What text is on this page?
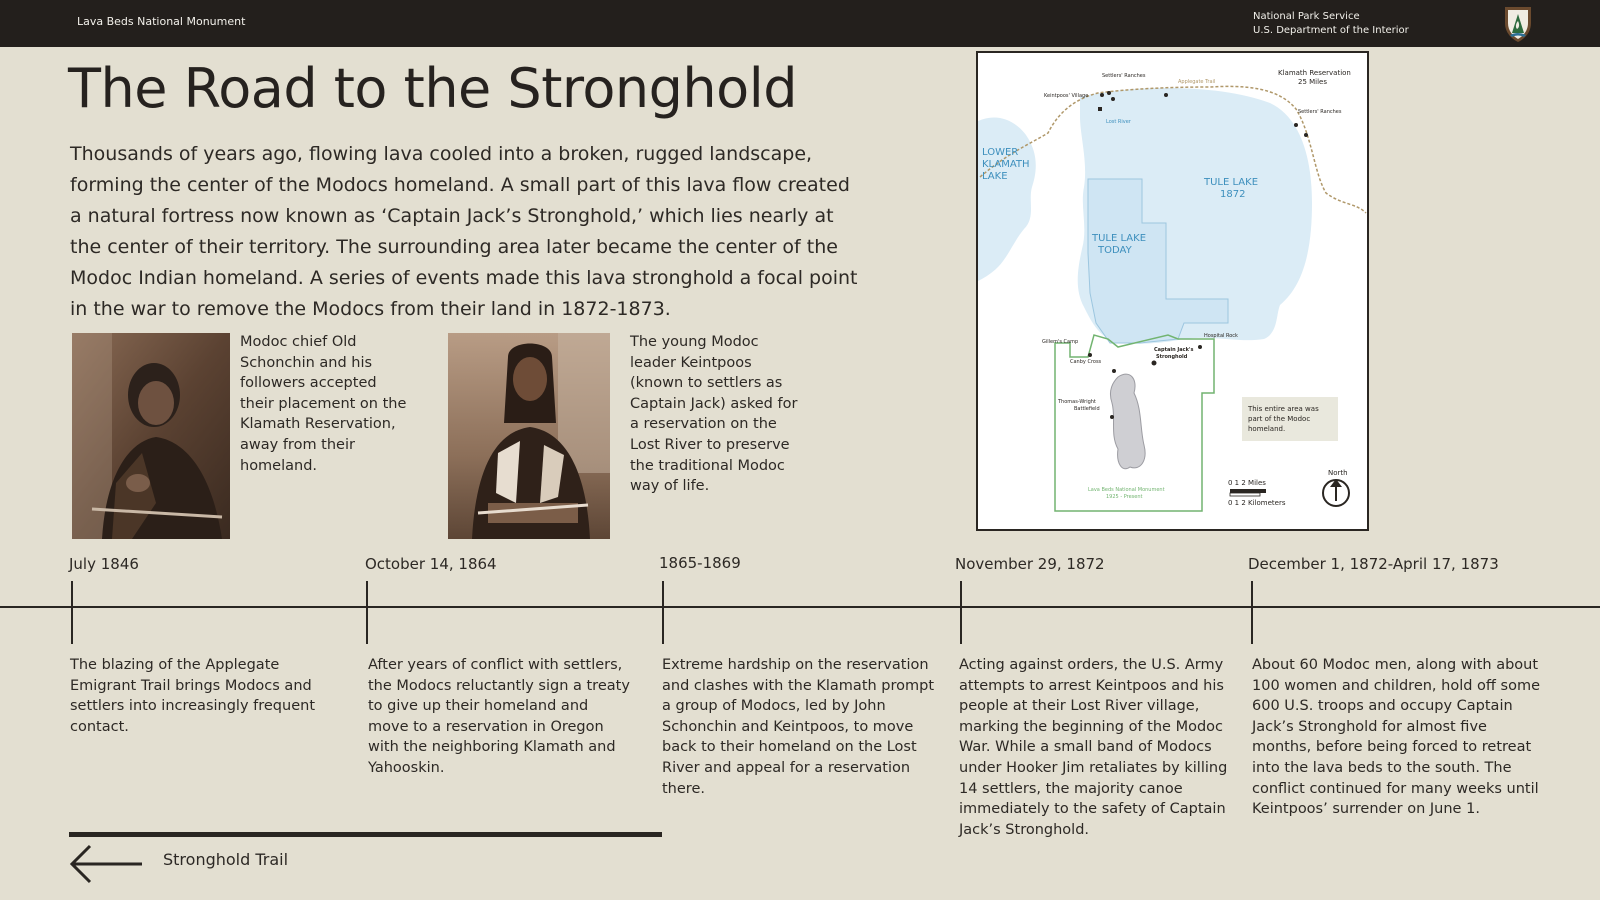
Lava Beds National Monument	National Park Service
U.S. Department of the Interior
The Road to the Stronghold

Thousands of years ago, flowing lava cooled into a broken, rugged landscape, forming the center of the Modocs homeland. A small part of this lava flow created a natural fortress now known as ‘Captain Jack’s Stronghold,’ which lies nearly at the center of their territory. The surrounding area later became the center of the Modoc Indian homeland. A series of events made this lava stronghold a focal point in the war to remove the Modocs from their land in 1872-1873.

Modoc chief Old Schonchin and his followers accepted their placement on the Klamath Reservation, away from their homeland.
The young Modoc leader Keintpoos (known to settlers as Captain Jack) asked for a reservation on the Lost River to preserve the traditional Modoc way of life.
LOWER KLAMATH LAKE
TULE LAKE 1872
TULE LAKE TODAY
Lost River
Settlers' Ranches
Applegate Trail
Keintpoos' Village
Klamath Reservation 25 Miles
Settlers' Ranches
Hospital Rock
Gillem's Camp
Canby Cross
Captain Jack's Stronghold
Thomas-Wright Battlefield
Lava Beds National Monument 1925 - Present
This entire area was part of the Modoc homeland.
0 1 2 Miles
0 1 2 Kilometers
North
July 1846	October 14, 1864	1865-1869	November 29, 1872	December 1, 1872-April 17, 1873
The blazing of the Applegate Emigrant Trail brings Modocs and settlers into increasingly frequent contact.
After years of conflict with settlers, the Modocs reluctantly sign a treaty to give up their homeland and move to a reservation in Oregon with the neighboring Klamath and Yahooskin.
Extreme hardship on the reservation and clashes with the Klamath prompt a group of Modocs, led by John Schonchin and Keintpoos, to move back to their homeland on the Lost River and appeal for a reservation there.
Acting against orders, the U.S. Army attempts to arrest Keintpoos and his people at their Lost River village, marking the beginning of the Modoc War. While a small band of Modocs under Hooker Jim retaliates by killing 14 settlers, the majority canoe immediately to the safety of Captain Jack’s Stronghold.
About 60 Modoc men, along with about 100 women and children, hold off some 600 U.S. troops and occupy Captain Jack’s Stronghold for almost five months, before being forced to retreat into the lava beds to the south. The conflict continued for many weeks until Keintpoos’ surrender on June 1.
Stronghold Trail
